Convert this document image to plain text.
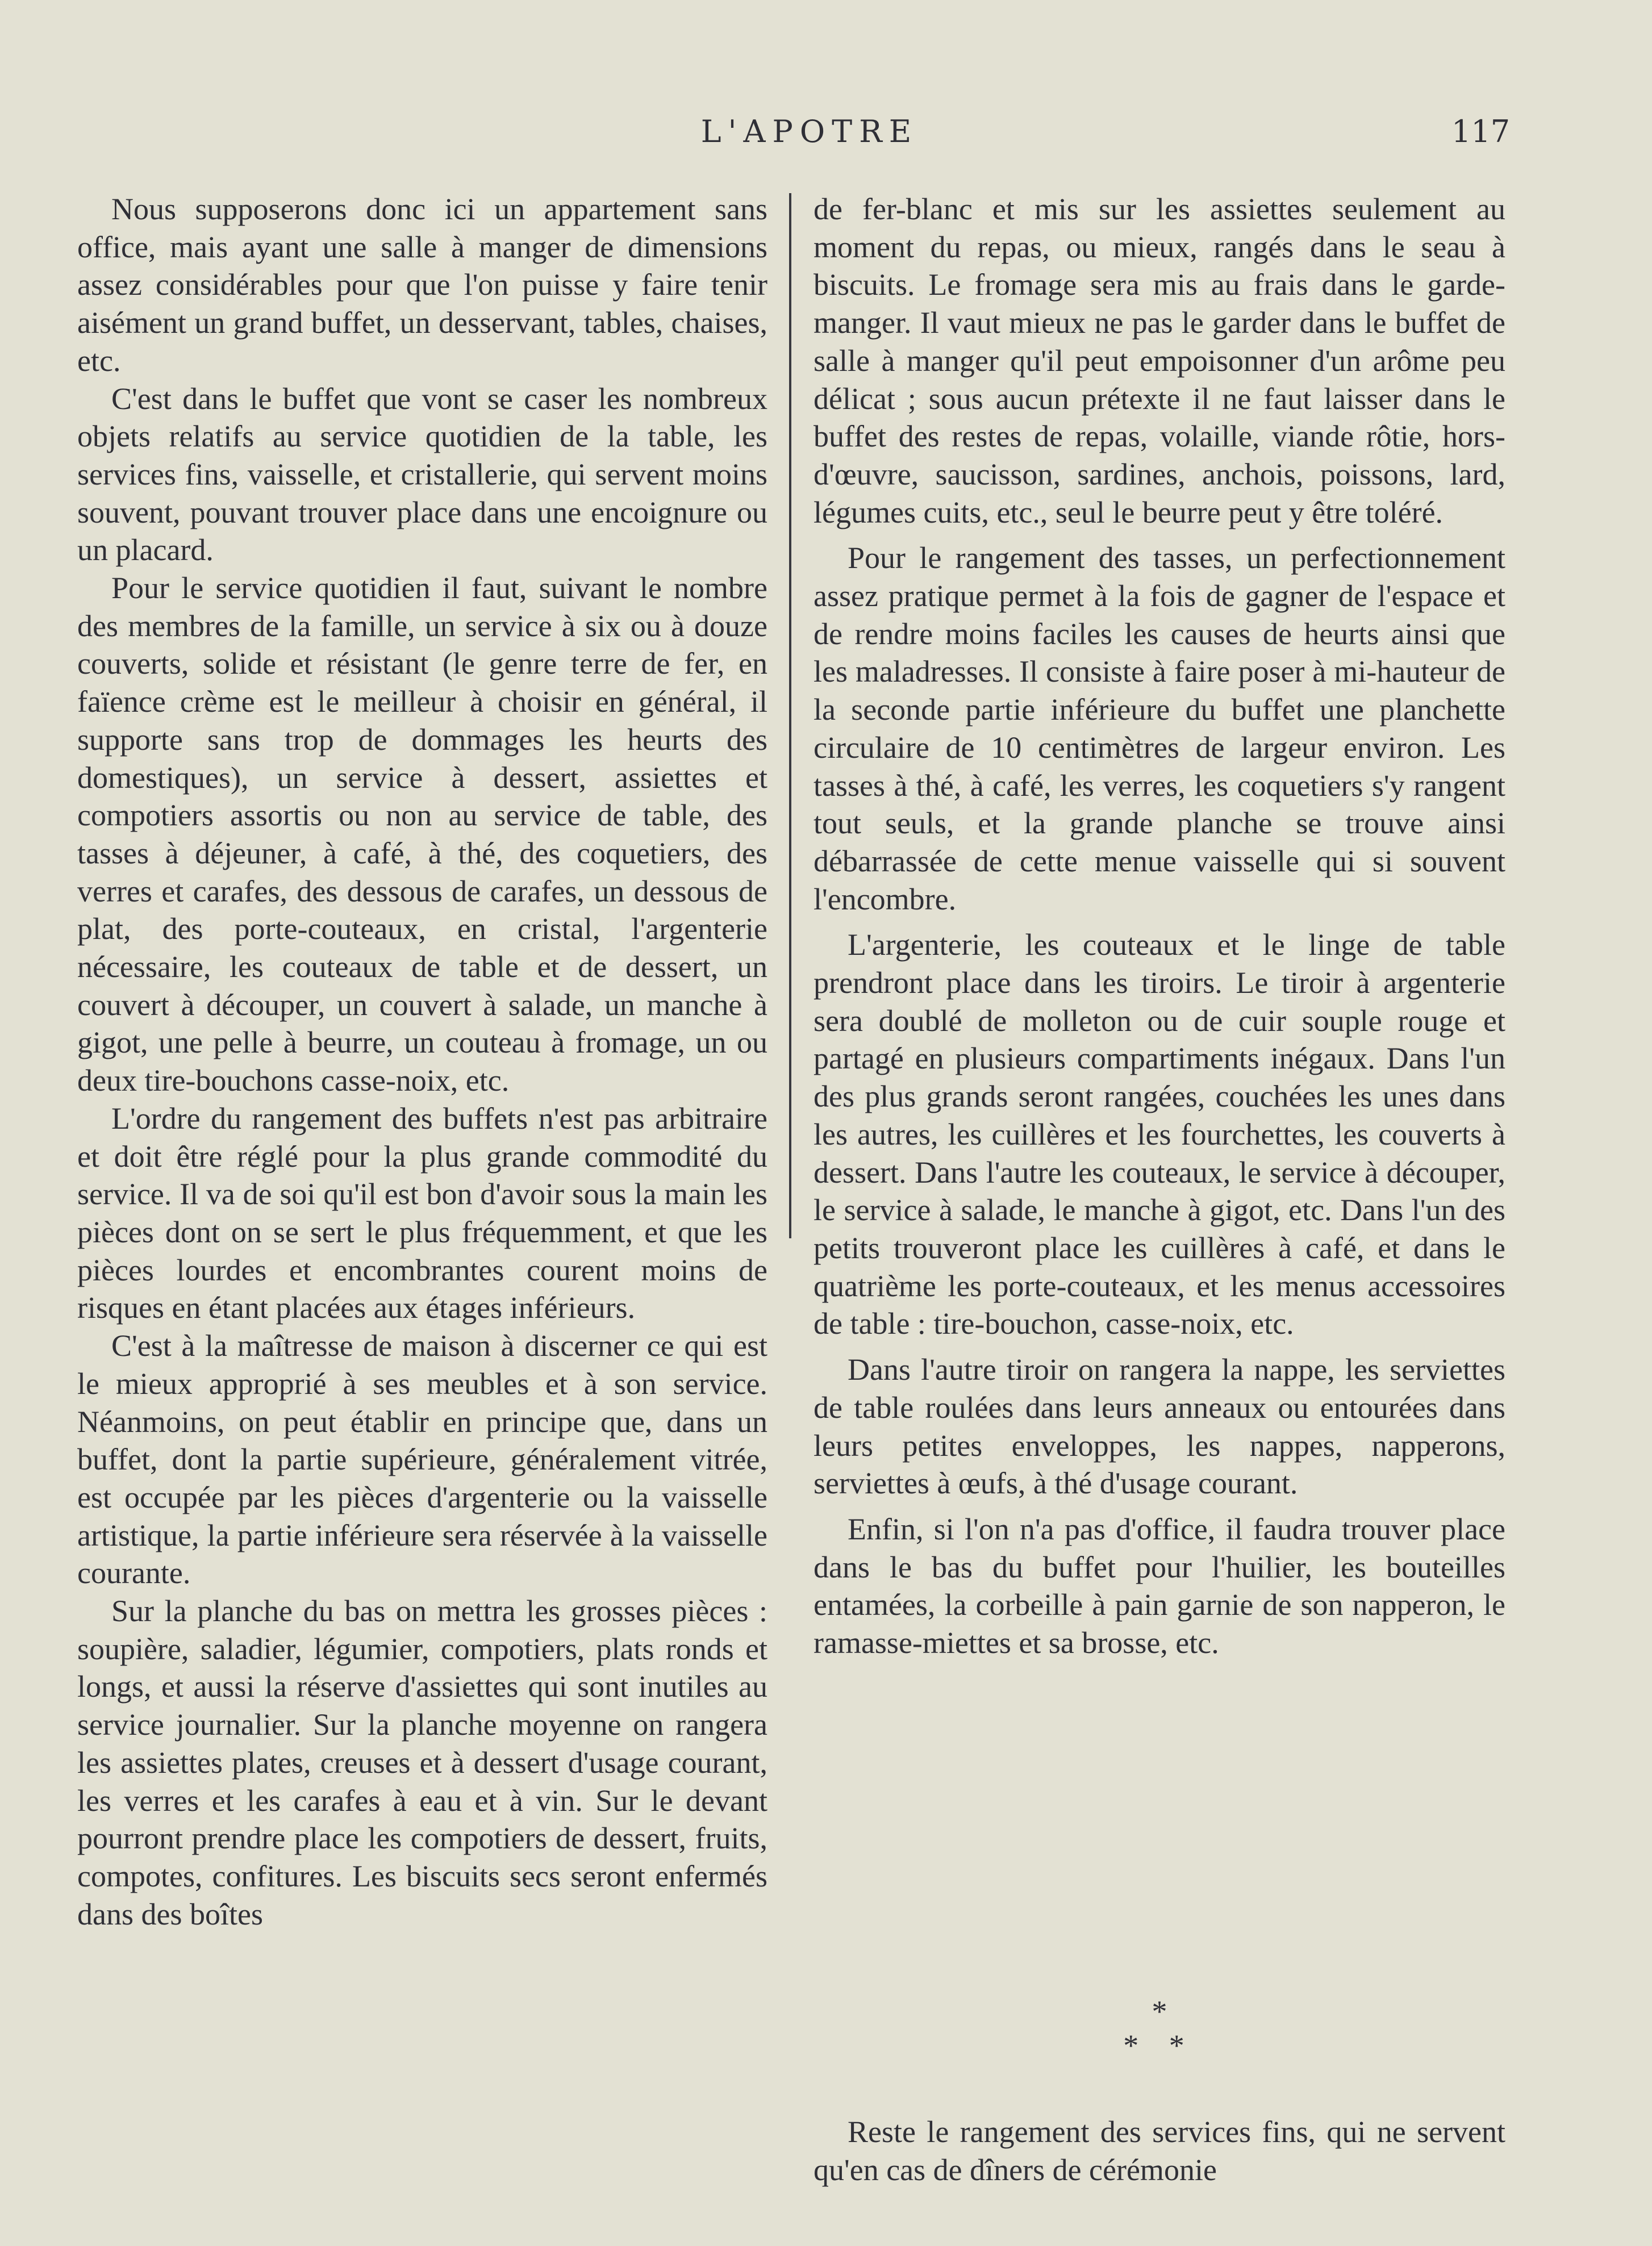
L'APOTRE	117

Nous supposerons donc ici un appartement sans office, mais ayant une salle à manger de dimensions assez considérables pour que l'on puisse y faire tenir aisément un grand buffet, un desservant, tables, chaises, etc.

C'est dans le buffet que vont se caser les nombreux objets relatifs au service quotidien de la table, les services fins, vaisselle, et cristallerie, qui servent moins souvent, pouvant trouver place dans une encoignure ou un placard.

Pour le service quotidien il faut, suivant le nombre des membres de la famille, un service à six ou à douze couverts, solide et résistant (le genre terre de fer, en faïence crème est le meilleur à choisir en général, il supporte sans trop de dommages les heurts des domestiques), un service à dessert, assiettes et compotiers assortis ou non au service de table, des tasses à déjeuner, à café, à thé, des coquetiers, des verres et carafes, des dessous de carafes, un dessous de plat, des porte-couteaux, en cristal, l'argenterie nécessaire, les couteaux de table et de dessert, un couvert à découper, un couvert à salade, un manche à gigot, une pelle à beurre, un couteau à fromage, un ou deux tire-bouchons casse-noix, etc.

L'ordre du rangement des buffets n'est pas arbitraire et doit être réglé pour la plus grande commodité du service. Il va de soi qu'il est bon d'avoir sous la main les pièces dont on se sert le plus fréquemment, et que les pièces lourdes et encombrantes courent moins de risques en étant placées aux étages inférieurs.

C'est à la maîtresse de maison à discerner ce qui est le mieux approprié à ses meubles et à son service. Néanmoins, on peut établir en principe que, dans un buffet, dont la partie supérieure, généralement vitrée, est occupée par les pièces d'argenterie ou la vaisselle artistique, la partie inférieure sera réservée à la vaisselle courante.

Sur la planche du bas on mettra les grosses pièces : soupière, saladier, légumier, compotiers, plats ronds et longs, et aussi la réserve d'assiettes qui sont inutiles au service journalier. Sur la planche moyenne on rangera les assiettes plates, creuses et à dessert d'usage courant, les verres et les carafes à eau et à vin. Sur le devant pourront prendre place les compotiers de dessert, fruits, compotes, confitures. Les biscuits secs seront enfermés dans des boîtes

de fer-blanc et mis sur les assiettes seulement au moment du repas, ou mieux, rangés dans le seau à biscuits. Le fromage sera mis au frais dans le garde-manger. Il vaut mieux ne pas le garder dans le buffet de salle à manger qu'il peut empoisonner d'un arôme peu délicat ; sous aucun prétexte il ne faut laisser dans le buffet des restes de repas, volaille, viande rôtie, hors-d'œuvre, saucisson, sardines, anchois, poissons, lard, légumes cuits, etc., seul le beurre peut y être toléré.

Pour le rangement des tasses, un perfectionnement assez pratique permet à la fois de gagner de l'espace et de rendre moins faciles les causes de heurts ainsi que les maladresses. Il consiste à faire poser à mi-hauteur de la seconde partie inférieure du buffet une planchette circulaire de 10 centimètres de largeur environ. Les tasses à thé, à café, les verres, les coquetiers s'y rangent tout seuls, et la grande planche se trouve ainsi débarrassée de cette menue vaisselle qui si souvent l'encombre.

L'argenterie, les couteaux et le linge de table prendront place dans les tiroirs. Le tiroir à argenterie sera doublé de molleton ou de cuir souple rouge et partagé en plusieurs compartiments inégaux. Dans l'un des plus grands seront rangées, couchées les unes dans les autres, les cuillères et les fourchettes, les couverts à dessert. Dans l'autre les couteaux, le service à découper, le service à salade, le manche à gigot, etc. Dans l'un des petits trouveront place les cuillères à café, et dans le quatrième les porte-couteaux, et les menus accessoires de table : tire-bouchon, casse-noix, etc.

Dans l'autre tiroir on rangera la nappe, les serviettes de table roulées dans leurs anneaux ou entourées dans leurs petites enveloppes, les nappes, napperons, serviettes à œufs, à thé d'usage courant.

Enfin, si l'on n'a pas d'office, il faudra trouver place dans le bas du buffet pour l'huilier, les bouteilles entamées, la corbeille à pain garnie de son napperon, le ramasse-miettes et sa brosse, etc.

*
* *

Reste le rangement des services fins, qui ne servent qu'en cas de dîners de cérémonie
